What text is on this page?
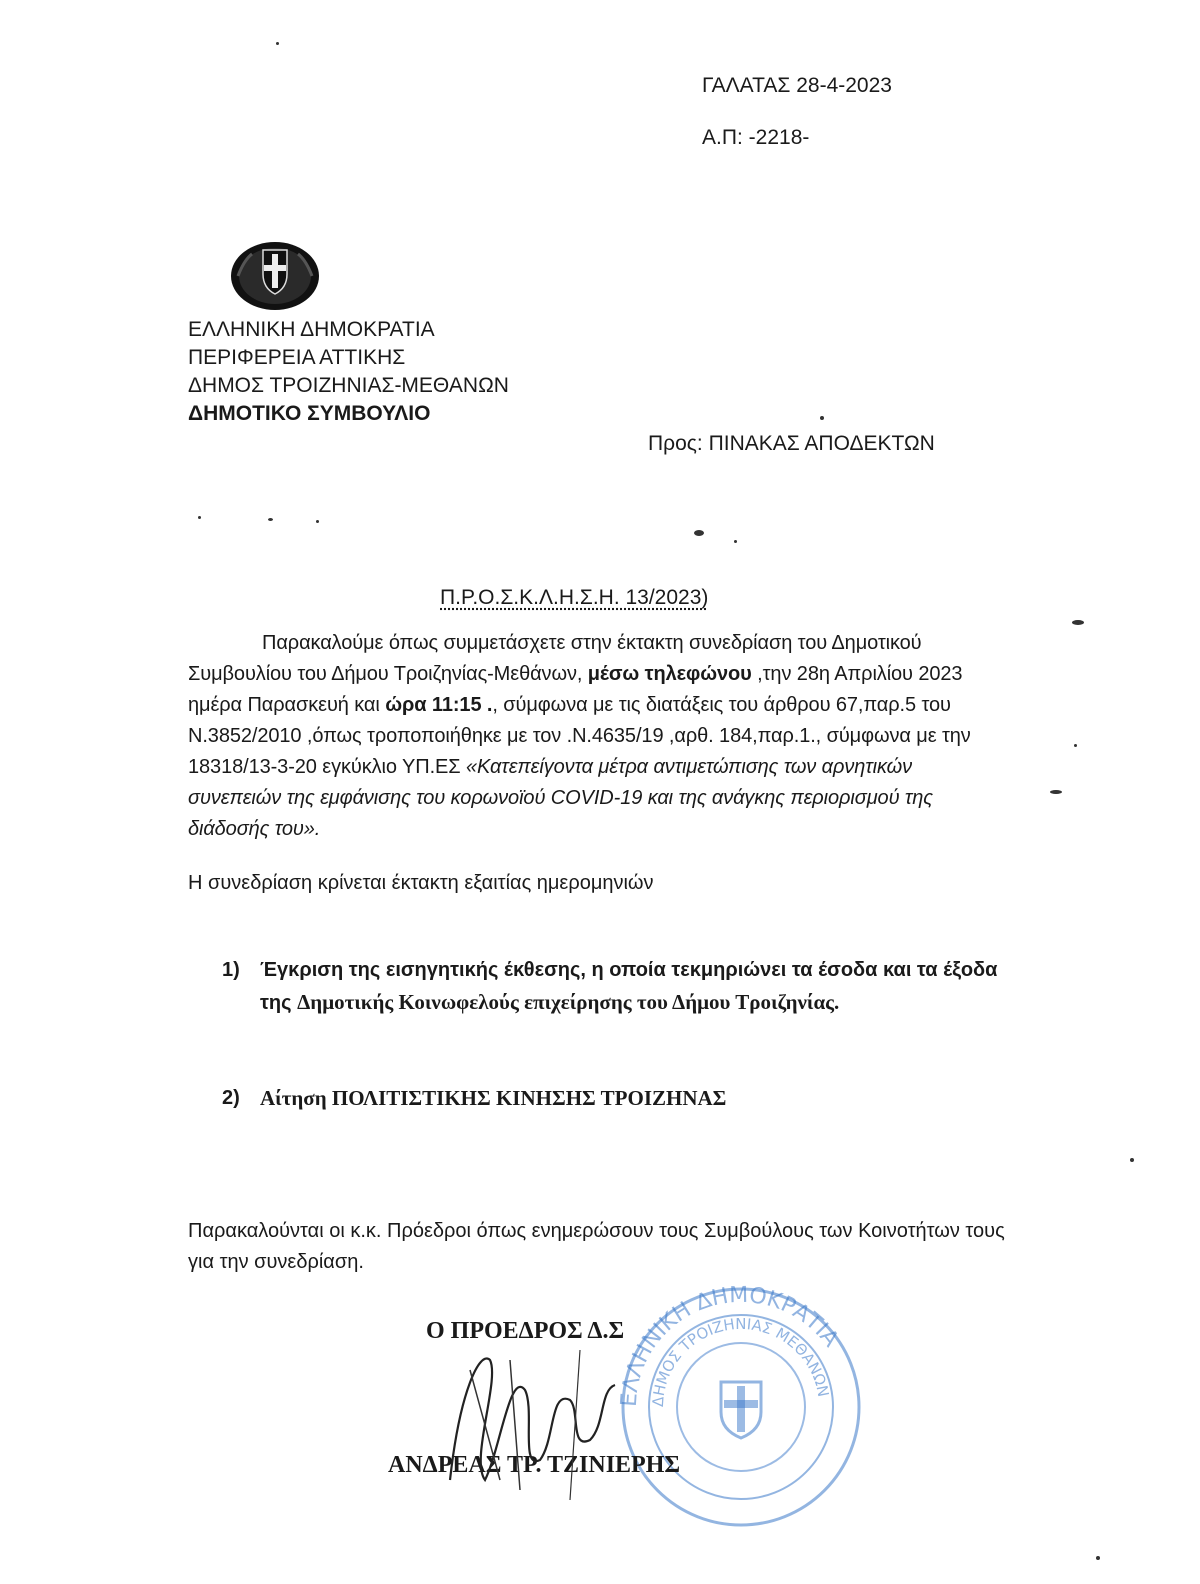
ΓΑΛΑΤΑΣ 28-4-2023
Α.Π: -2218-
ΕΛΛΗΝΙΚΗ ΔΗΜΟΚΡΑΤΙΑ
ΠΕΡΙΦΕΡΕΙΑ ΑΤΤΙΚΗΣ
ΔΗΜΟΣ ΤΡΟΙΖΗΝΙΑΣ-ΜΕΘΑΝΩΝ
ΔΗΜΟΤΙΚΟ ΣΥΜΒΟΥΛΙΟ
Προς: ΠΙΝΑΚΑΣ ΑΠΟΔΕΚΤΩΝ
Π.Ρ.Ο.Σ.Κ.Λ.Η.Σ.Η. 13/2023)
Παρακαλούμε όπως συμμετάσχετε στην έκτακτη συνεδρίαση του Δημοτικού Συμβουλίου του Δήμου Τροιζηνίας-Μεθάνων, μέσω τηλεφώνου ,την 28η Απριλίου 2023 ημέρα Παρασκευή και ώρα 11:15 ., σύμφωνα με τις διατάξεις του άρθρου 67,παρ.5 του Ν.3852/2010 ,όπως τροποποιήθηκε με τον .Ν.4635/19 ,αρθ. 184,παρ.1., σύμφωνα με την 18318/13-3-20 εγκύκλιο ΥΠ.ΕΣ «Κατεπείγοντα μέτρα αντιμετώπισης των αρνητικών συνεπειών της εμφάνισης του κορωνοϊού COVID-19 και της ανάγκης περιορισμού της διάδοσής του».
Η συνεδρίαση κρίνεται έκτακτη εξαιτίας ημερομηνιών
1) Έγκριση της εισηγητικής έκθεσης, η οποία τεκμηριώνει τα έσοδα και τα έξοδα
της Δημοτικής Κοινωφελούς επιχείρησης του Δήμου Τροιζηνίας.
2) Αίτηση ΠΟΛΙΤΙΣΤΙΚΗΣ ΚΙΝΗΣΗΣ ΤΡΟΙΖΗΝΑΣ
Παρακαλούνται οι κ.κ. Πρόεδροι όπως ενημερώσουν τους Συμβούλους των Κοινοτήτων τους για την συνεδρίαση.
ΕΛΛΗΝΙΚΗ ΔΗΜΟΚΡΑΤΙΑ
ΔΗΜΟΣ ΤΡΟΙΖΗΝΙΑΣ ΜΕΘΑΝΩΝ
Ο ΠΡΟΕΔΡΟΣ Δ.Σ
ΑΝΔΡΕΑΣ ΤΡ. ΤΖΙΝΙΕΡΗΣ
